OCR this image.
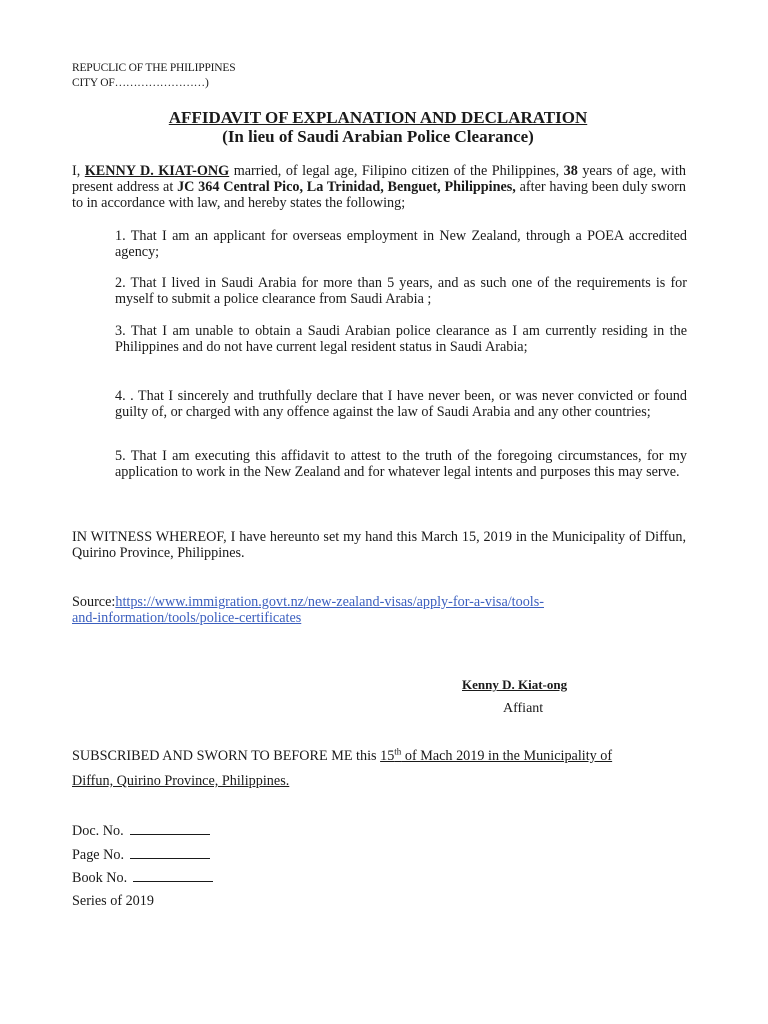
REPUCLIC OF THE PHILIPPINES
CITY OF……………………)
AFFIDAVIT OF EXPLANATION AND DECLARATION
(In lieu of Saudi Arabian Police Clearance)
I, KENNY D. KIAT-ONG married, of legal age, Filipino citizen of the Philippines, 38 years of age, with present address at JC 364 Central Pico, La Trinidad, Benguet, Philippines, after having been duly sworn to in accordance with law, and hereby states the following;
1. That I am an applicant for overseas employment in New Zealand, through a POEA accredited agency;
2. That I lived in Saudi Arabia for more than 5 years, and as such one of the requirements is for myself to submit a police clearance from Saudi Arabia ;
3. That I am unable to obtain a Saudi Arabian police clearance as I am currently residing in the Philippines and do not have current legal resident status in Saudi Arabia;
4. . That I sincerely and truthfully declare that I have never been, or was never convicted or found guilty of, or charged with any offence against the law of Saudi Arabia and any other countries;
5. That I am executing this affidavit to attest to the truth of the foregoing circumstances, for my application to work in the New Zealand and for whatever legal intents and purposes this may serve.
IN WITNESS WHEREOF, I have hereunto set my hand this March 15, 2019 in the Municipality of Diffun, Quirino Province, Philippines.
Source:https://www.immigration.govt.nz/new-zealand-visas/apply-for-a-visa/tools-
and-information/tools/police-certificates
Kenny D. Kiat-ong
Affiant
SUBSCRIBED AND SWORN TO BEFORE ME this 15th of Mach 2019 in the Municipality of
Diffun, Quirino Province, Philippines.
Doc. No.
Page No.
Book No.
Series of 2019
